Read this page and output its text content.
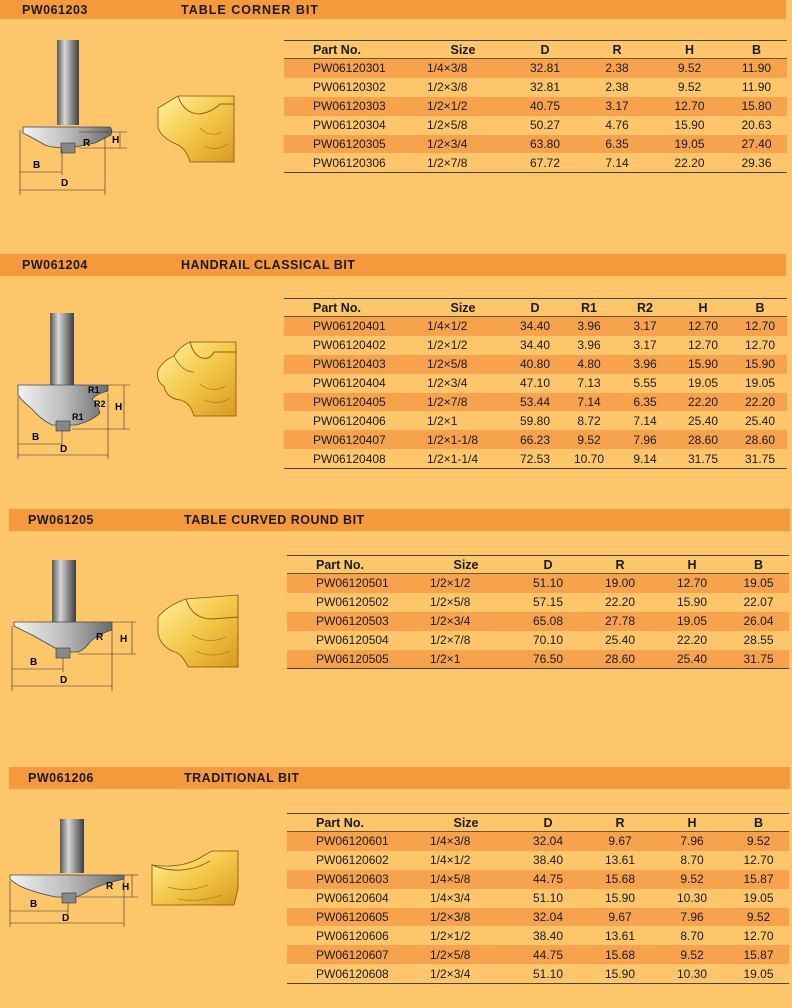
PW061203	TABLE CORNER BIT
H
R
B
D
Part No.	Size	D	R	H	B
PW06120301	1/4×3/8	32.81	2.38	9.52	11.90
PW06120302	1/2×3/8	32.81	2.38	9.52	11.90
PW06120303	1/2×1/2	40.75	3.17	12.70	15.80
PW06120304	1/2×5/8	50.27	4.76	15.90	20.63
PW06120305	1/2×3/4	63.80	6.35	19.05	27.40
PW06120306	1/2×7/8	67.72	7.14	22.20	29.36
PW061204	HANDRAIL CLASSICAL BIT
R1
R2
R1
H
B
D
Part No.	Size	D	R1	R2	H	B
PW06120401	1/4×1/2	34.40	3.96	3.17	12.70	12.70
PW06120402	1/2×1/2	34.40	3.96	3.17	12.70	12.70
PW06120403	1/2×5/8	40.80	4.80	3.96	15.90	15.90
PW06120404	1/2×3/4	47.10	7.13	5.55	19.05	19.05
PW06120405	1/2×7/8	53.44	7.14	6.35	22.20	22.20
PW06120406	1/2×1	59.80	8.72	7.14	25.40	25.40
PW06120407	1/2×1-1/8	66.23	9.52	7.96	28.60	28.60
PW06120408	1/2×1-1/4	72.53	10.70	9.14	31.75	31.75
PW061205	TABLE CURVED ROUND BIT
R H
B
D
Part No.	Size	D	R	H	B
PW06120501	1/2×1/2	51.10	19.00	12.70	19.05
PW06120502	1/2×5/8	57.15	22.20	15.90	22.07
PW06120503	1/2×3/4	65.08	27.78	19.05	26.04
PW06120504	1/2×7/8	70.10	25.40	22.20	28.55
PW06120505	1/2×1	76.50	28.60	25.40	31.75
PW061206	TRADITIONAL BIT
R H
B
D
Part No.	Size	D	R	H	B
PW06120601	1/4×3/8	32.04	9.67	7.96	9.52
PW06120602	1/4×1/2	38.40	13.61	8.70	12.70
PW06120603	1/4×5/8	44.75	15.68	9.52	15.87
PW06120604	1/4×3/4	51.10	15.90	10.30	19.05
PW06120605	1/2×3/8	32.04	9.67	7.96	9.52
PW06120606	1/2×1/2	38.40	13.61	8.70	12.70
PW06120607	1/2×5/8	44.75	15.68	9.52	15.87
PW06120608	1/2×3/4	51.10	15.90	10.30	19.05
